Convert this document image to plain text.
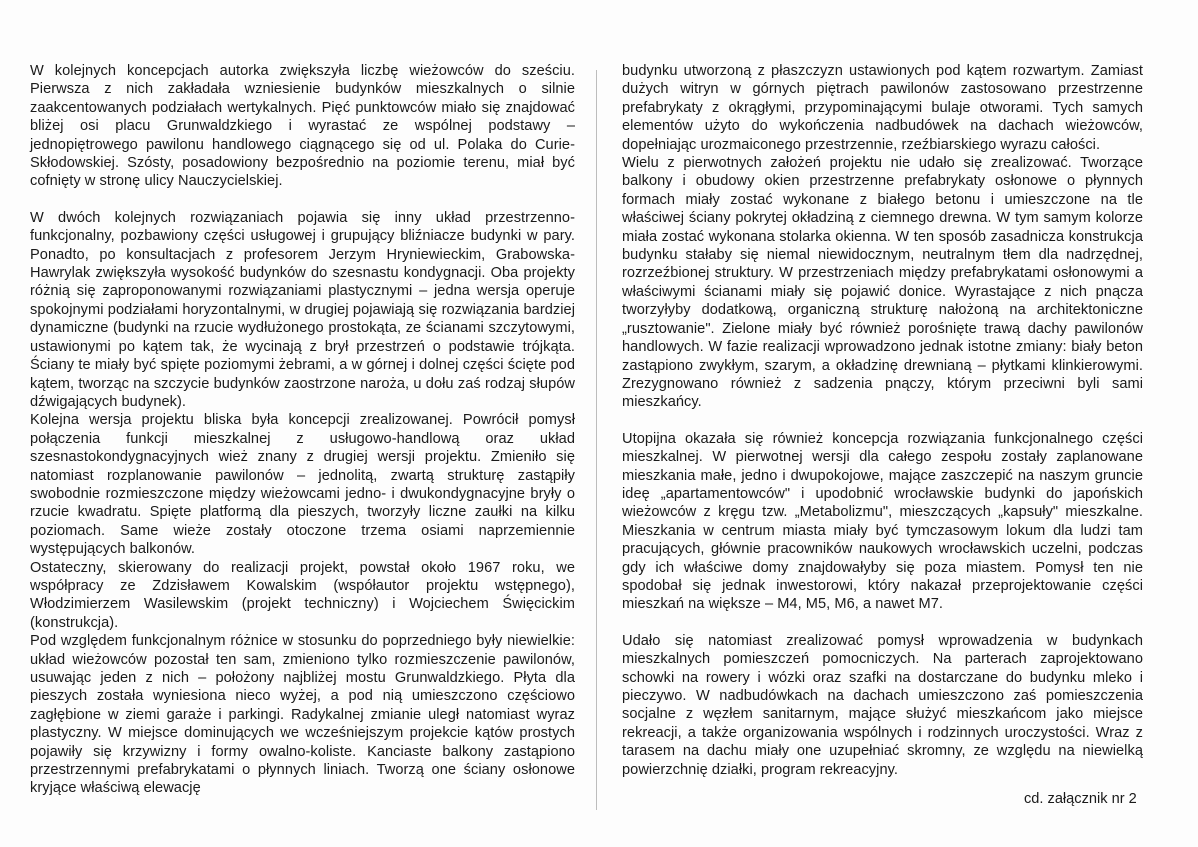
W kolejnych koncepcjach autorka zwiększyła liczbę wieżowców do sześciu. Pierwsza z nich zakładała wzniesienie budynków mieszkalnych o silnie zaakcentowanych podziałach wertykalnych. Pięć punktowców miało się znajdować bliżej osi placu Grunwaldzkiego i wyrastać ze wspólnej podstawy – jednopiętrowego pawilonu handlowego ciągnącego się od ul. Polaka do Curie-Skłodowskiej. Szósty, posadowiony bezpośrednio na poziomie terenu, miał być cofnięty w stronę ulicy Nauczycielskiej.

W dwóch kolejnych rozwiązaniach pojawia się inny układ przestrzenno-funkcjonalny, pozbawiony części usługowej i grupujący bliźniacze budynki w pary. Ponadto, po konsultacjach z profesorem Jerzym Hryniewieckim, Grabowska-Hawrylak zwiększyła wysokość budynków do szesnastu kondygnacji. Oba projekty różnią się zaproponowanymi rozwiązaniami plastycznymi – jedna wersja operuje spokojnymi podziałami horyzontalnymi, w drugiej pojawiają się rozwiązania bardziej dynamiczne (budynki na rzucie wydłużonego prostokąta, ze ścianami szczytowymi, ustawionymi po kątem tak, że wycinają z brył przestrzeń o podstawie trójkąta. Ściany te miały być spięte poziomymi żebrami, a w górnej i dolnej części ścięte pod kątem, tworząc na szczycie budynków zaostrzone naroża, u dołu zaś rodzaj słupów dźwigających budynek).

Kolejna wersja projektu bliska była koncepcji zrealizowanej. Powrócił pomysł połączenia funkcji mieszkalnej z usługowo-handlową oraz układ szesnastokondygnacyjnych wież znany z drugiej wersji projektu. Zmieniło się natomiast rozplanowanie pawilonów – jednolitą, zwartą strukturę zastąpiły swobodnie rozmieszczone między wieżowcami jedno- i dwukondygnacyjne bryły o rzucie kwadratu. Spięte platformą dla pieszych, tworzyły liczne zaułki na kilku poziomach. Same wieże zostały otoczone trzema osiami naprzemiennie występujących balkonów.

Ostateczny, skierowany do realizacji projekt, powstał około 1967 roku, we współpracy ze Zdzisławem Kowalskim (współautor projektu wstępnego), Włodzimierzem Wasilewskim (projekt techniczny) i Wojciechem Święcickim (konstrukcja).

Pod względem funkcjonalnym różnice w stosunku do poprzedniego były niewielkie: układ wieżowców pozostał ten sam, zmieniono tylko rozmieszczenie pawilonów, usuwając jeden z nich – położony najbliżej mostu Grunwaldzkiego. Płyta dla pieszych została wyniesiona nieco wyżej, a pod nią umieszczono częściowo zagłębione w ziemi garaże i parkingi. Radykalnej zmianie uległ natomiast wyraz plastyczny. W miejsce dominujących we wcześniejszym projekcie kątów prostych pojawiły się krzywizny i formy owalno-koliste. Kanciaste balkony zastąpiono przestrzennymi prefabrykatami o płynnych liniach. Tworzą one ściany osłonowe kryjące właściwą elewację

budynku utworzoną z płaszczyzn ustawionych pod kątem rozwartym. Zamiast dużych witryn w górnych piętrach pawilonów zastosowano przestrzenne prefabrykaty z okrągłymi, przypominającymi bulaje otworami. Tych samych elementów użyto do wykończenia nadbudówek na dachach wieżowców, dopełniając urozmaiconego przestrzennie, rzeźbiarskiego wyrazu całości.

Wielu z pierwotnych założeń projektu nie udało się zrealizować. Tworzące balkony i obudowy okien przestrzenne prefabrykaty osłonowe o płynnych formach miały zostać wykonane z białego betonu i umieszczone na tle właściwej ściany pokrytej okładziną z ciemnego drewna. W tym samym kolorze miała zostać wykonana stolarka okienna. W ten sposób zasadnicza konstrukcja budynku stałaby się niemal niewidocznym, neutralnym tłem dla nadrzędnej, rozrzeźbionej struktury. W przestrzeniach między prefabrykatami osłonowymi a właściwymi ścianami miały się pojawić donice. Wyrastające z nich pnącza tworzyłyby dodatkową, organiczną strukturę nałożoną na architektoniczne „rusztowanie". Zielone miały być również porośnięte trawą dachy pawilonów handlowych. W fazie realizacji wprowadzono jednak istotne zmiany: biały beton zastąpiono zwykłym, szarym, a okładzinę drewnianą – płytkami klinkierowymi. Zrezygnowano również z sadzenia pnączy, którym przeciwni byli sami mieszkańcy.

Utopijna okazała się również koncepcja rozwiązania funkcjonalnego części mieszkalnej. W pierwotnej wersji dla całego zespołu zostały zaplanowane mieszkania małe, jedno i dwupokojowe, mające zaszczepić na naszym gruncie ideę „apartamentowców" i upodobnić wrocławskie budynki do japońskich wieżowców z kręgu tzw. „Metabolizmu", mieszczących „kapsuły" mieszkalne. Mieszkania w centrum miasta miały być tymczasowym lokum dla ludzi tam pracujących, głównie pracowników naukowych wrocławskich uczelni, podczas gdy ich właściwe domy znajdowałyby się poza miastem. Pomysł ten nie spodobał się jednak inwestorowi, który nakazał przeprojektowanie części mieszkań na większe – M4, M5, M6, a nawet M7.

Udało się natomiast zrealizować pomysł wprowadzenia w budynkach mieszkalnych pomieszczeń pomocniczych. Na parterach zaprojektowano schowki na rowery i wózki oraz szafki na dostarczane do budynku mleko i pieczywo. W nadbudówkach na dachach umieszczono zaś pomieszczenia socjalne z węzłem sanitarnym, mające służyć mieszkańcom jako miejsce rekreacji, a także organizowania wspólnych i rodzinnych uroczystości. Wraz z tarasem na dachu miały one uzupełniać skromny, ze względu na niewielką powierzchnię działki, program rekreacyjny.

cd. załącznik nr 2
